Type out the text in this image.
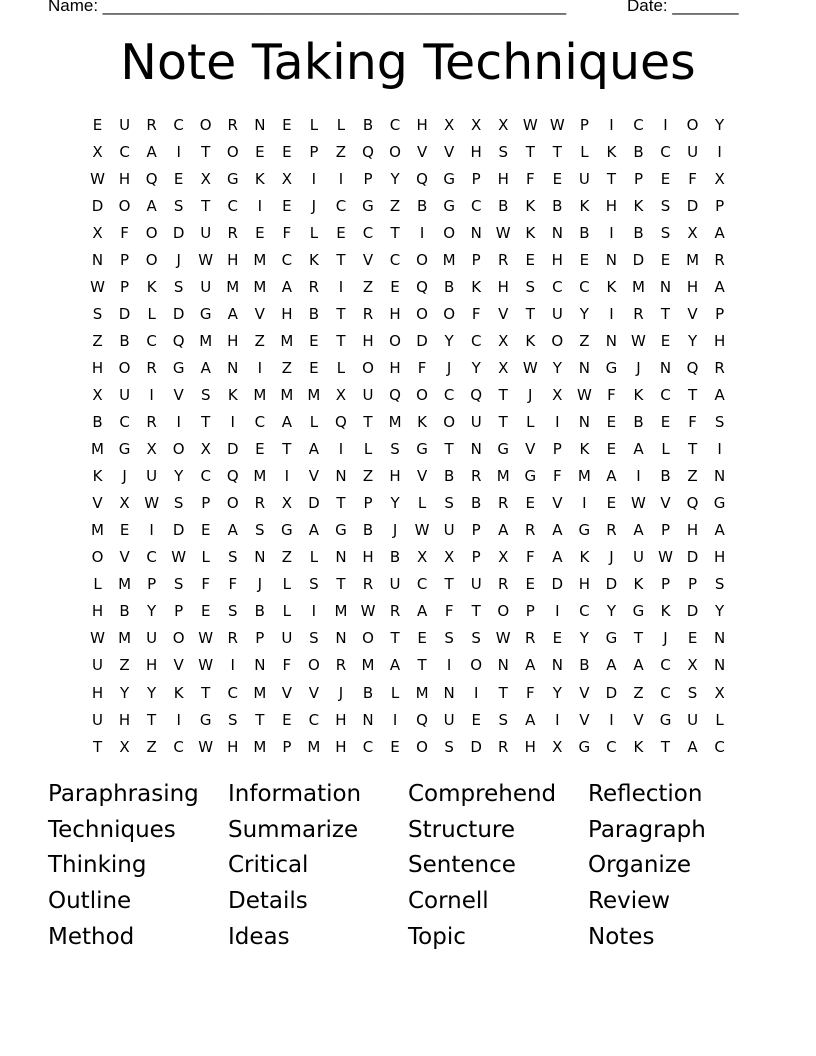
Name: _________________________________________________	Date: _______
Note Taking Techniques
E	U	R	C	O	R	N	E	L	L	B	C	H	X	X	X W W	P	I	C	I	O	Y
X	C	A	I	T	O	E	E	P	Z	Q	O	V	V	H	S	T	T	L	K	B	C	U	I
W H	Q	E	X	G	K	X	I	I	P	Y	Q	G	P	H	F	E	U	T	P	E	F	X
D	O	A	S	T	C	I	E	J	C	G	Z	B	G	C	B	K	B	K	H	K	S	D	P
X	F	O	D	U	R	E	F	L	E	C	T	I	O	N W K	N	B	I	B	S	X	A
N	P	O	J	W H M	C	K	T	V	C	O M	P	R	E	H	E	N	D	E	M	R
W	P	K	S	U	M M	A	R	I	Z	E	Q	B	K	H	S	C	C	K	M N	H	A
S	D	L	D	G	A	V	H	B	T	R	H	O	O	F	V	T	U	Y	I	R	T	V	P
Z	B	C	Q M H	Z	M	E	T	H	O	D	Y	C	X	K	O	Z	N W E	Y	H
H	O	R	G	A	N	I	Z	E	L	O	H	F	J	Y	X W	Y	N	G	J	N	Q	R
X	U	I	V	S	K	M M M	X	U	Q	O	C	Q	T	J	X W	F	K	C	T	A
B	C	R	I	T	I	C	A	L	Q	T	M	K	O	U	T	L	I	N	E	B	E	F	S
M G	X	O	X	D	E	T	A	I	L	S	G	T	N	G	V	P	K	E	A	L	T	I
K	J	U	Y	C	Q M	I	V	N	Z	H	V	B	R	M G	F	M	A	I	B	Z	N
V	X W S	P	O	R	X	D	T	P	Y	L	S	B	R	E	V	I	E W V	Q	G
M	E	I	D	E	A	S	G	A	G	B	J	W U	P	A	R	A	G	R	A	P	H	A
O	V	C W	L	S	N	Z	L	N	H	B	X	X	P	X	F	A	K	J	U W D	H
L	M	P	S	F	F	J	L	S	T	R	U	C	T	U	R	E	D	H	D	K	P	P	S
H	B	Y	P	E	S	B	L	I	M W R	A	F	T	O	P	I	C	Y	G	K	D	Y
W M	U	O W R	P	U	S	N	O	T	E	S	S W R	E	Y	G	T	J	E	N
U	Z	H	V W	I	N	F	O	R	M	A	T	I	O	N	A	N	B	A	A	C	X	N
H	Y	Y	K	T	C	M	V	V	J	B	L	M N	I	T	F	Y	V	D	Z	C	S	X
U	H	T	I	G	S	T	E	C	H	N	I	Q	U	E	S	A	I	V	I	V	G	U	L
T	X	Z	C W H M	P	M H	C	E	O	S	D	R	H	X	G	C	K	T	A	C
Paraphrasing	Information	Comprehend	Reflection
Techniques	Summarize	Structure	Paragraph
Thinking	Critical	Sentence	Organize
Outline	Details	Cornell	Review
Method	Ideas	Topic	Notes
